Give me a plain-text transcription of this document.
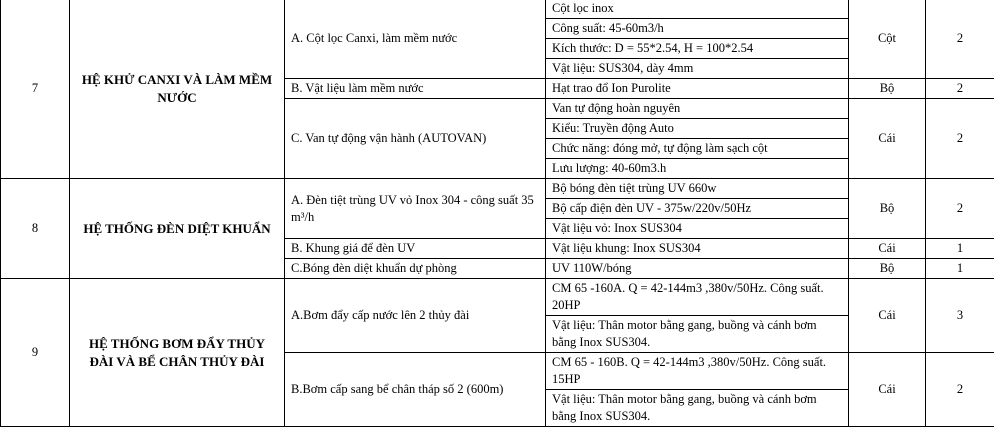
7	HỆ KHỬ CANXI VÀ LÀM MỀM NƯỚC	A. Cột lọc Canxi, làm mềm nước	Cột lọc inox	Cột	2
			Công suất: 45-60m3/h		
			Kích thước: D = 55*2.54, H = 100*2.54		
			Vật liệu: SUS304, dày 4mm		
		B. Vật liệu làm mềm nước	Hạt trao đổ Ion Purolite	Bộ	2
		C. Van tự động vận hành (AUTOVAN)	Van tự động hoàn nguyên	Cái	2
			Kiểu: Truyền động Auto		
			Chức năng: đóng mở, tự động làm sạch cột		
			Lưu lượng: 40-60m3.h		
8	HỆ THỐNG ĐÈN DIỆT KHUẨN	A. Đèn tiệt trùng UV vỏ Inox 304 - công suất 35 m³/h	Bộ bóng đèn tiệt trùng UV 660w	Bộ	2
			Bộ cấp điện đèn UV - 375w/220v/50Hz		
			Vật liệu vỏ: Inox SUS304		
		B. Khung giá để đèn UV	Vật liệu khung: Inox SUS304	Cái	1
		C.Bóng đèn diệt khuẩn dự phòng	UV 110W/bóng	Bộ	1
9	HỆ THỐNG BƠM ĐẨY THỦY ĐÀI VÀ BỂ CHÂN THỦY ĐÀI	A.Bơm đẩy cấp nước lên 2 thủy đài	CM 65 -160A. Q = 42-144m3 ,380v/50Hz. Công suất. 20HP	Cái	3
			Vật liệu: Thân motor bằng gang, buồng và cánh bơm bằng Inox SUS304.		
		B.Bơm cấp sang bể chân tháp số 2 (600m)	CM 65 - 160B. Q = 42-144m3 ,380v/50Hz. Công suất. 15HP	Cái	2
			Vật liệu: Thân motor bằng gang, buồng và cánh bơm bằng Inox SUS304.		
